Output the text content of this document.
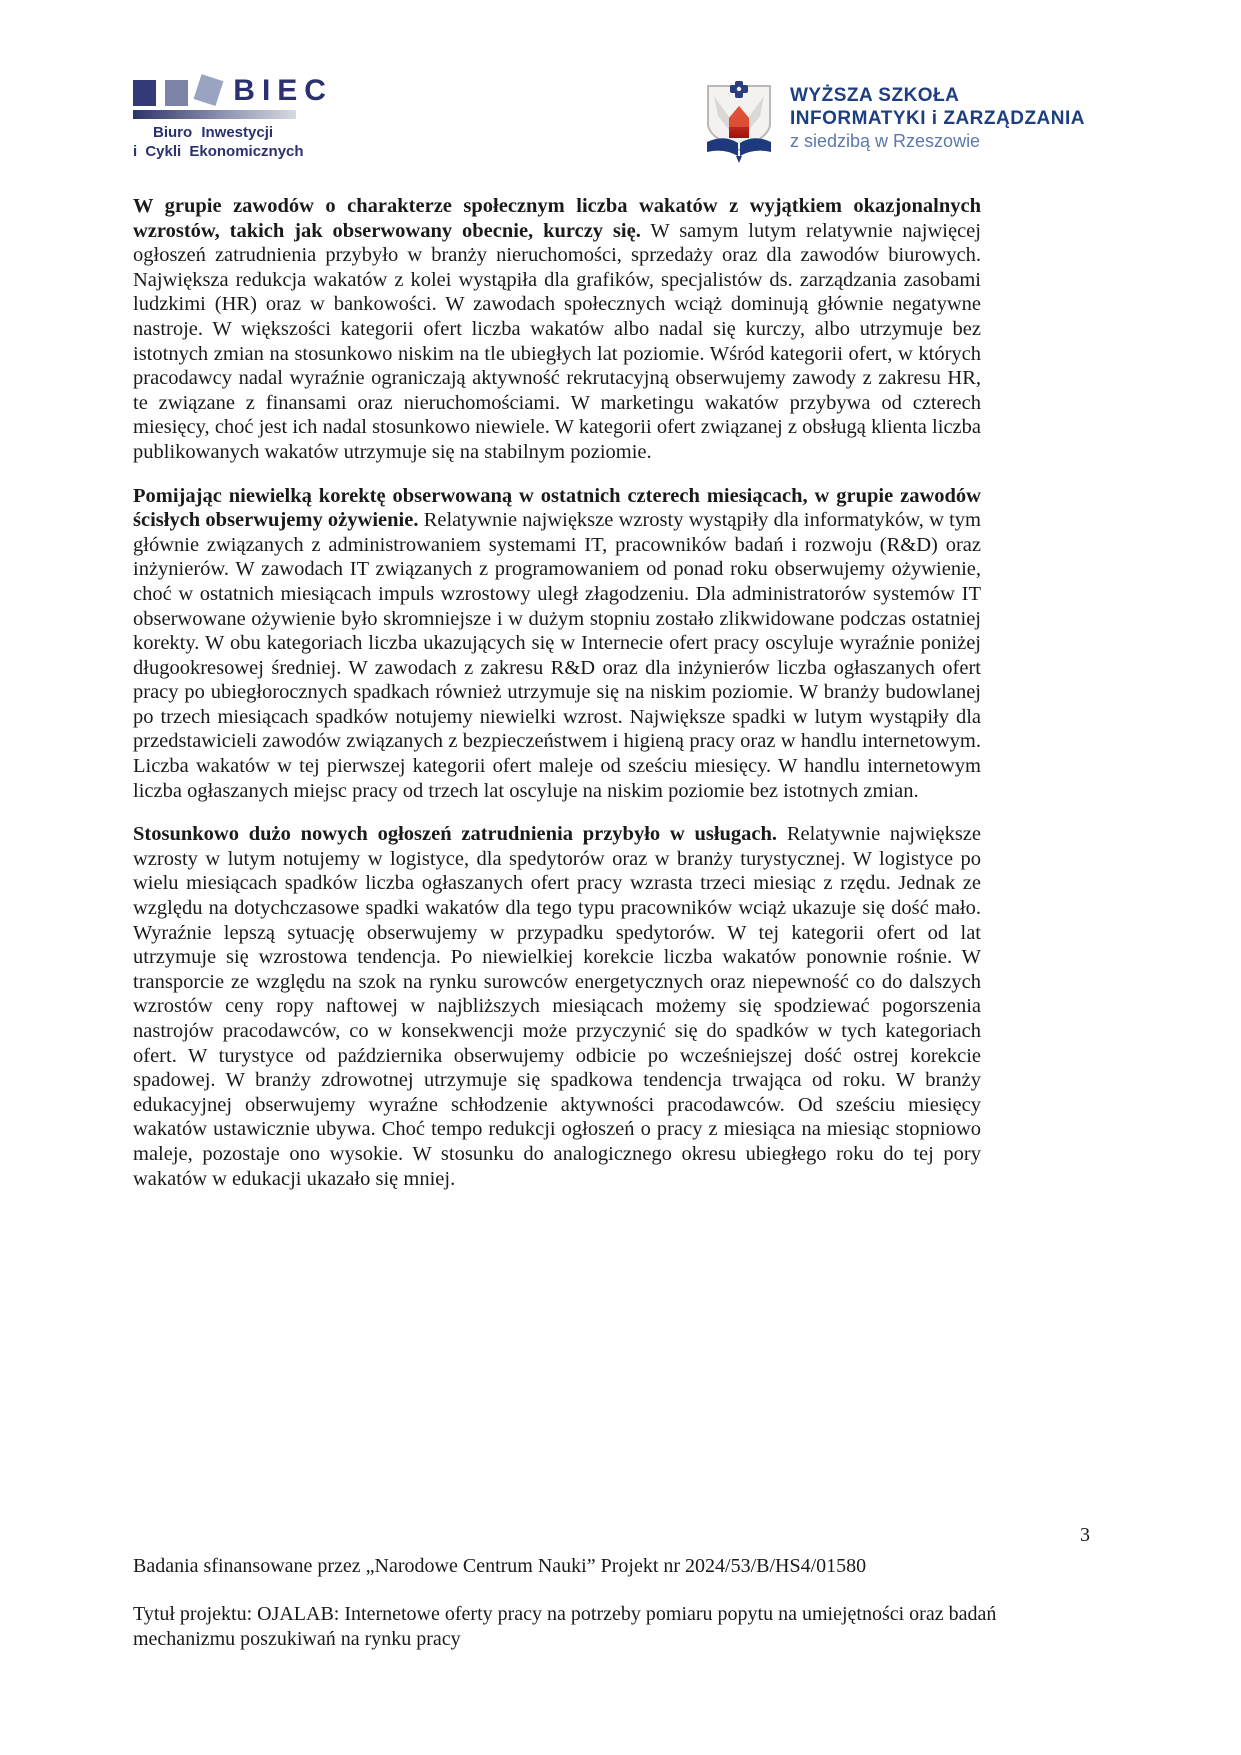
BIEC
Biuro Inwestycji
i Cykli Ekonomicznych
WYŻSZA SZKOŁA
INFORMATYKI i ZARZĄDZANIA
z siedzibą w Rzeszowie

W grupie zawodów o charakterze społecznym liczba wakatów z wyjątkiem okazjonalnych wzrostów, takich jak obserwowany obecnie, kurczy się. W samym lutym relatywnie najwięcej ogłoszeń zatrudnienia przybyło w branży nieruchomości, sprzedaży oraz dla zawodów biurowych. Największa redukcja wakatów z kolei wystąpiła dla grafików, specjalistów ds. zarządzania zasobami ludzkimi (HR) oraz w bankowości. W zawodach społecznych wciąż dominują głównie negatywne nastroje. W większości kategorii ofert liczba wakatów albo nadal się kurczy, albo utrzymuje bez istotnych zmian na stosunkowo niskim na tle ubiegłych lat poziomie. Wśród kategorii ofert, w których pracodawcy nadal wyraźnie ograniczają aktywność rekrutacyjną obserwujemy zawody z zakresu HR, te związane z finansami oraz nieruchomościami. W marketingu wakatów przybywa od czterech miesięcy, choć jest ich nadal stosunkowo niewiele. W kategorii ofert związanej z obsługą klienta liczba publikowanych wakatów utrzymuje się na stabilnym poziomie.

Pomijając niewielką korektę obserwowaną w ostatnich czterech miesiącach, w grupie zawodów ścisłych obserwujemy ożywienie. Relatywnie największe wzrosty wystąpiły dla informatyków, w tym głównie związanych z administrowaniem systemami IT, pracowników badań i rozwoju (R&D) oraz inżynierów. W zawodach IT związanych z programowaniem od ponad roku obserwujemy ożywienie, choć w ostatnich miesiącach impuls wzrostowy uległ złagodzeniu. Dla administratorów systemów IT obserwowane ożywienie było skromniejsze i w dużym stopniu zostało zlikwidowane podczas ostatniej korekty. W obu kategoriach liczba ukazujących się w Internecie ofert pracy oscyluje wyraźnie poniżej długookresowej średniej. W zawodach z zakresu R&D oraz dla inżynierów liczba ogłaszanych ofert pracy po ubiegłorocznych spadkach również utrzymuje się na niskim poziomie. W branży budowlanej po trzech miesiącach spadków notujemy niewielki wzrost. Największe spadki w lutym wystąpiły dla przedstawicieli zawodów związanych z bezpieczeństwem i higieną pracy oraz w handlu internetowym. Liczba wakatów w tej pierwszej kategorii ofert maleje od sześciu miesięcy. W handlu internetowym liczba ogłaszanych miejsc pracy od trzech lat oscyluje na niskim poziomie bez istotnych zmian.

Stosunkowo dużo nowych ogłoszeń zatrudnienia przybyło w usługach. Relatywnie największe wzrosty w lutym notujemy w logistyce, dla spedytorów oraz w branży turystycznej. W logistyce po wielu miesiącach spadków liczba ogłaszanych ofert pracy wzrasta trzeci miesiąc z rzędu. Jednak ze względu na dotychczasowe spadki wakatów dla tego typu pracowników wciąż ukazuje się dość mało. Wyraźnie lepszą sytuację obserwujemy w przypadku spedytorów. W tej kategorii ofert od lat utrzymuje się wzrostowa tendencja. Po niewielkiej korekcie liczba wakatów ponownie rośnie. W transporcie ze względu na szok na rynku surowców energetycznych oraz niepewność co do dalszych wzrostów ceny ropy naftowej w najbliższych miesiącach możemy się spodziewać pogorszenia nastrojów pracodawców, co w konsekwencji może przyczynić się do spadków w tych kategoriach ofert. W turystyce od października obserwujemy odbicie po wcześniejszej dość ostrej korekcie spadowej. W branży zdrowotnej utrzymuje się spadkowa tendencja trwająca od roku. W branży edukacyjnej obserwujemy wyraźne schłodzenie aktywności pracodawców. Od sześciu miesięcy wakatów ustawicznie ubywa. Choć tempo redukcji ogłoszeń o pracy z miesiąca na miesiąc stopniowo maleje, pozostaje ono wysokie. W stosunku do analogicznego okresu ubiegłego roku do tej pory wakatów w edukacji ukazało się mniej.

3
Badania sfinansowane przez „Narodowe Centrum Nauki” Projekt nr 2024/53/B/HS4/01580
Tytuł projektu: OJALAB: Internetowe oferty pracy na potrzeby pomiaru popytu na umiejętności oraz badań mechanizmu poszukiwań na rynku pracy
